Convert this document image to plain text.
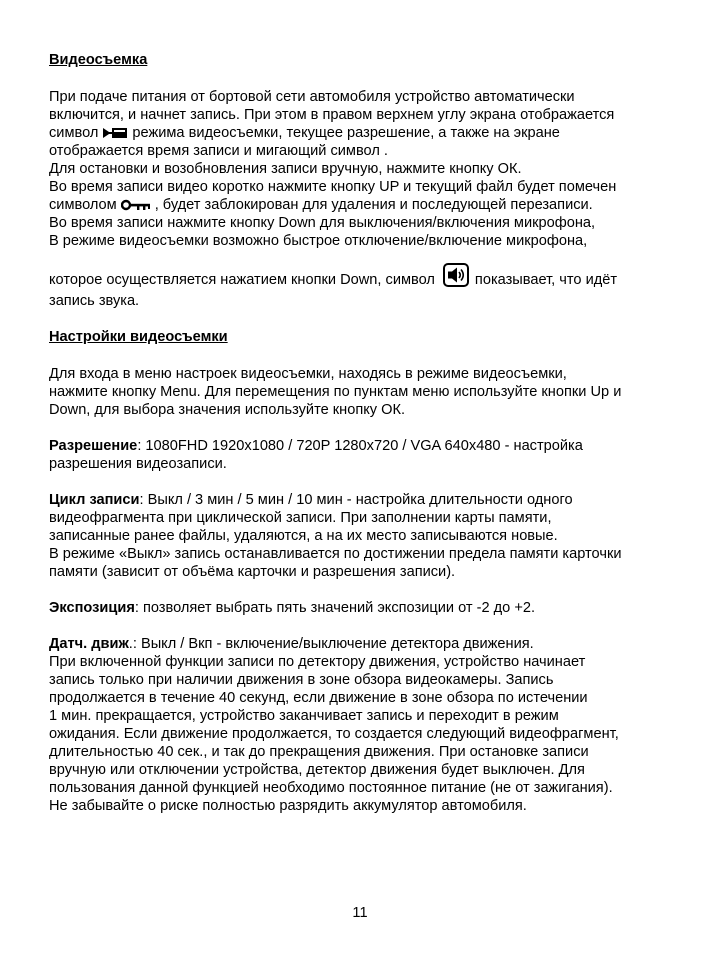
Видеосъемка

При подаче питания от бортовой сети автомобиля устройство автоматически
включится, и начнет запись. При этом в правом верхнем углу экрана отображается
символ режима видеосъемки, текущее разрешение, а также на экране
отображается время записи и мигающий символ .
Для остановки и возобновления записи вручную, нажмите кнопку ОК.
Во время записи видео коротко нажмите кнопку UP и текущий файл будет помечен
символом	, будет заблокирован для удаления и последующей перезаписи.
Во время записи нажмите кнопку Down для выключения/включения микрофона,
В режиме видеосъемки возможно быстрое отключение/включение микрофона,
которое осуществляется нажатием кнопки Down, символ	показывает, что идёт
запись звука.

Настройки видеосъемки

Для входа в меню настроек видеосъемки, находясь в режиме видеосъемки,
нажмите кнопку Menu. Для перемещения по пунктам меню используйте кнопки Up и
Down, для выбора значения используйте кнопку ОК.
Разрешение: 1080FHD 1920x1080 / 720P 1280x720 / VGA 640x480 - настройка
разрешения видеозаписи.
Цикл записи: Выкл / 3 мин / 5 мин / 10 мин - настройка длительности одного
видеофрагмента при циклической записи. При заполнении карты памяти,
записанные ранее файлы, удаляются, а на их место записываются новые.
В режиме «Выкл» запись останавливается по достижении предела памяти карточки
памяти (зависит от объёма карточки и разрешения записи).
Экспозиция: позволяет выбрать пять значений экспозиции от -2 до +2.
Датч. движ.: Выкл / Вкп - включение/выключение детектора движения.
При включенной функции записи по детектору движения, устройство начинает
запись только при наличии движения в зоне обзора видеокамеры. Запись
продолжается в течение 40 секунд, если движение в зоне обзора по истечении
1 мин. прекращается, устройство заканчивает запись и переходит в режим
ожидания. Если движение продолжается, то создается следующий видеофрагмент,
длительностью 40 сек., и так до прекращения движения. При остановке записи
вручную или отключении устройства, детектор движения будет выключен. Для
пользования данной функцией необходимо постоянное питание (не от зажигания).
Не забывайте о риске полностью разрядить аккумулятор автомобиля.
11
